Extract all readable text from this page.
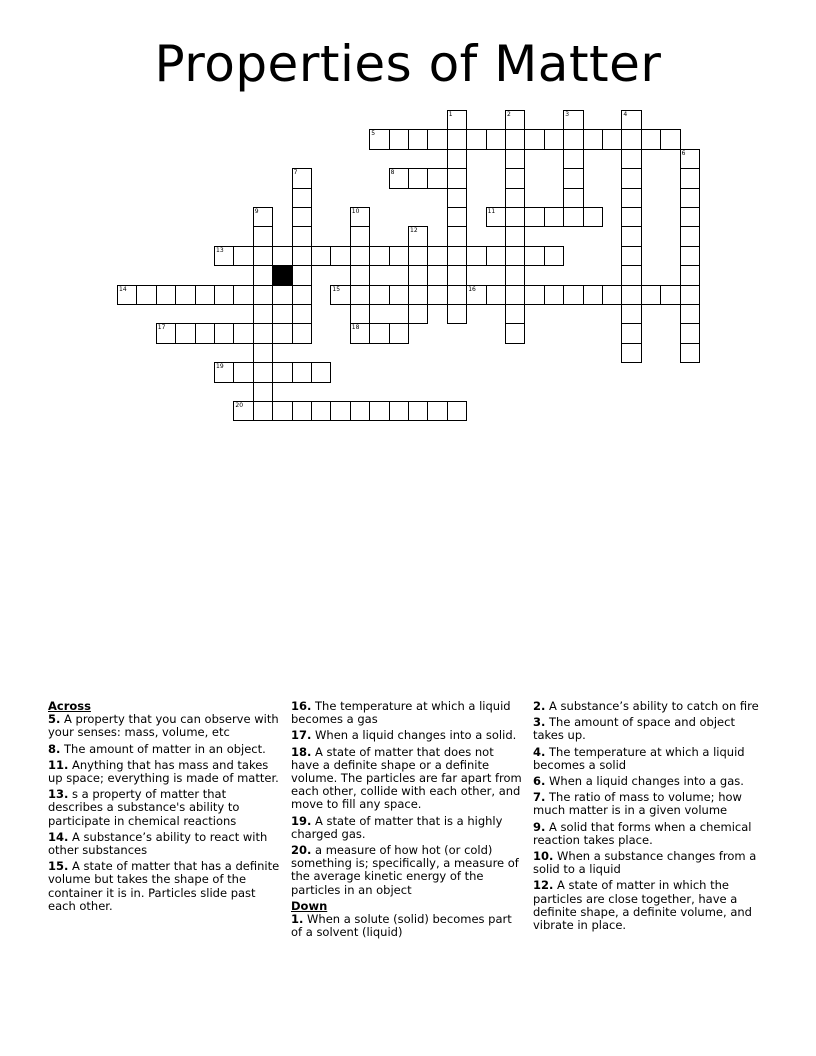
Properties of Matter
1	2	3	4
5
6
7	8
9	10	11
12
13
14	15	16
17	18
19
20

Across

5. A property that you can observe with your senses: mass, volume, etc

8. The amount of matter in an object.

11. Anything that has mass and takes up space; everything is made of matter.

13. s a property of matter that describes a substance's ability to participate in chemical reactions

14. A substance’s ability to react with other substances

15. A state of matter that has a definite volume but takes the shape of the container it is in. Particles slide past each other.

16. The temperature at which a liquid becomes a gas

17. When a liquid changes into a solid.

18. A state of matter that does not have a definite shape or a definite volume. The particles are far apart from each other, collide with each other, and move to fill any space.

19. A state of matter that is a highly charged gas.

20. a measure of how hot (or cold) something is; specifically, a measure of the average kinetic energy of the particles in an object

Down

1. When a solute (solid) becomes part of a solvent (liquid)

2. A substance’s ability to catch on fire

3. The amount of space and object takes up.

4. The temperature at which a liquid becomes a solid

6. When a liquid changes into a gas.

7. The ratio of mass to volume; how much matter is in a given volume

9. A solid that forms when a chemical reaction takes place.

10. When a substance changes from a solid to a liquid

12. A state of matter in which the particles are close together, have a definite shape, a definite volume, and vibrate in place.
